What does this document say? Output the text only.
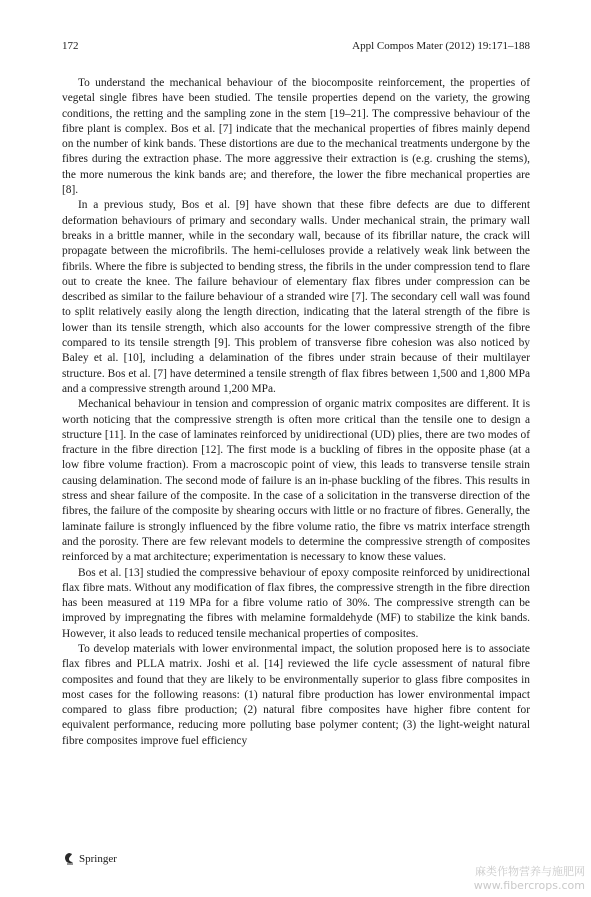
172	Appl Compos Mater (2012) 19:171–188

To understand the mechanical behaviour of the biocomposite reinforcement, the properties of vegetal single fibres have been studied. The tensile properties depend on the variety, the growing conditions, the retting and the sampling zone in the stem [19–21]. The compressive behaviour of the fibre plant is complex. Bos et al. [7] indicate that the mechanical properties of fibres mainly depend on the number of kink bands. These distortions are due to the mechanical treatments undergone by the fibres during the extraction phase. The more aggressive their extraction is (e.g. crushing the stems), the more numerous the kink bands are; and therefore, the lower the fibre mechanical properties are [8].

In a previous study, Bos et al. [9] have shown that these fibre defects are due to different deformation behaviours of primary and secondary walls. Under mechanical strain, the primary wall breaks in a brittle manner, while in the secondary wall, because of its fibrillar nature, the crack will propagate between the microfibrils. The hemi-celluloses provide a relatively weak link between the fibrils. Where the fibre is subjected to bending stress, the fibrils in the under compression tend to flare out to create the knee. The failure behaviour of elementary flax fibres under compression can be described as similar to the failure behaviour of a stranded wire [7]. The secondary cell wall was found to split relatively easily along the length direction, indicating that the lateral strength of the fibre is lower than its tensile strength, which also accounts for the lower compressive strength of the fibre compared to its tensile strength [9]. This problem of transverse fibre cohesion was also noticed by Baley et al. [10], including a delamination of the fibres under strain because of their multilayer structure. Bos et al. [7] have determined a tensile strength of flax fibres between 1,500 and 1,800 MPa and a compressive strength around 1,200 MPa.

Mechanical behaviour in tension and compression of organic matrix composites are different. It is worth noticing that the compressive strength is often more critical than the tensile one to design a structure [11]. In the case of laminates reinforced by unidirectional (UD) plies, there are two modes of fracture in the fibre direction [12]. The first mode is a buckling of fibres in the opposite phase (at a low fibre volume fraction). From a macroscopic point of view, this leads to transverse tensile strain causing delamination. The second mode of failure is an in-phase buckling of the fibres. This results in stress and shear failure of the composite. In the case of a solicitation in the transverse direction of the fibres, the failure of the composite by shearing occurs with little or no fracture of fibres. Generally, the laminate failure is strongly influenced by the fibre volume ratio, the fibre vs matrix interface strength and the porosity. There are few relevant models to determine the compressive strength of composites reinforced by a mat architecture; experimentation is necessary to know these values.

Bos et al. [13] studied the compressive behaviour of epoxy composite reinforced by unidirectional flax fibre mats. Without any modification of flax fibres, the compressive strength in the fibre direction has been measured at 119 MPa for a fibre volume ratio of 30%. The compressive strength can be improved by impregnating the fibres with melamine formaldehyde (MF) to stabilize the kink bands. However, it also leads to reduced tensile mechanical properties of composites.

To develop materials with lower environmental impact, the solution proposed here is to associate flax fibres and PLLA matrix. Joshi et al. [14] reviewed the life cycle assessment of natural fibre composites and found that they are likely to be environmentally superior to glass fibre composites in most cases for the following reasons: (1) natural fibre production has lower environmental impact compared to glass fibre production; (2) natural fibre composites have higher fibre content for equivalent performance, reducing more polluting base polymer content; (3) the light-weight natural fibre composites improve fuel efficiency

Springer
麻类作物营养与施肥网
www.fibercrops.com
